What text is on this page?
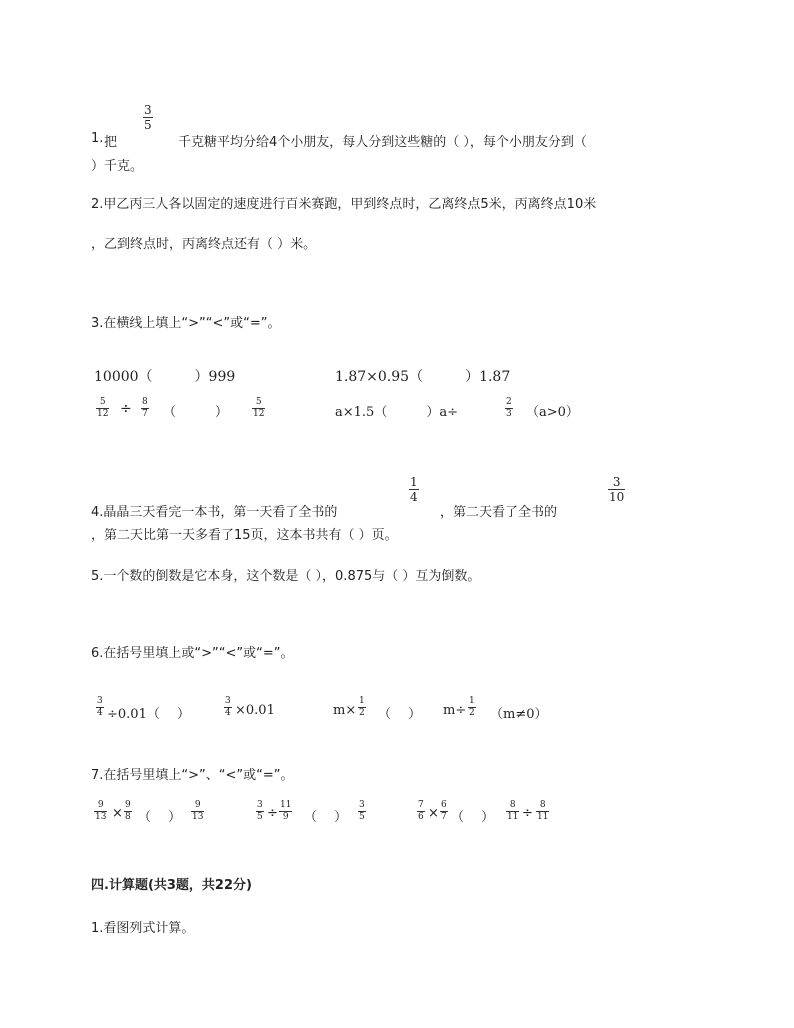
1. 把
3
5
千克糖平均分给4个小朋友，每人分到这些糖的（ ），每个小朋友分到（
）千克。
2.甲乙丙三人各以固定的速度进行百米赛跑，甲到终点时，乙离终点5米，丙离终点10米
，乙到终点时，丙离终点还有（ ）米。
3.在横线上填上“>”“<”或“=”。
10000（　　　）999	1.87×0.95（　　　）1.87
5
12 ÷ 8
7 （　　　）
5
12	a×1.5（　　　）a÷
2
3 （a>0）
4.晶晶三天看完一本书，第一天看了全书的
1
4
，第二天看了全书的
3
10
，第二天比第一天多看了15页，这本书共有（ ）页。
5.一个数的倒数是它本身，这个数是（ ），0.875与（ ）互为倒数。
6.在括号里填上或“>”“<”或“=”。
3
4 ÷0.01（　 ）
3
4 ×0.01	m×
1
2 （　 ） m÷
1
2 （m≠0）
7.在括号里填上“>”、“<”或“=”。
9
13 ×
9
8 （　 ）
9
13
3
5 ÷
11
9 （　 ）
3
5
7
6 ×
6
7 （　 ）
8
11 ÷
8
11
四.计算题(共3题，共22分)
1.看图列式计算。
